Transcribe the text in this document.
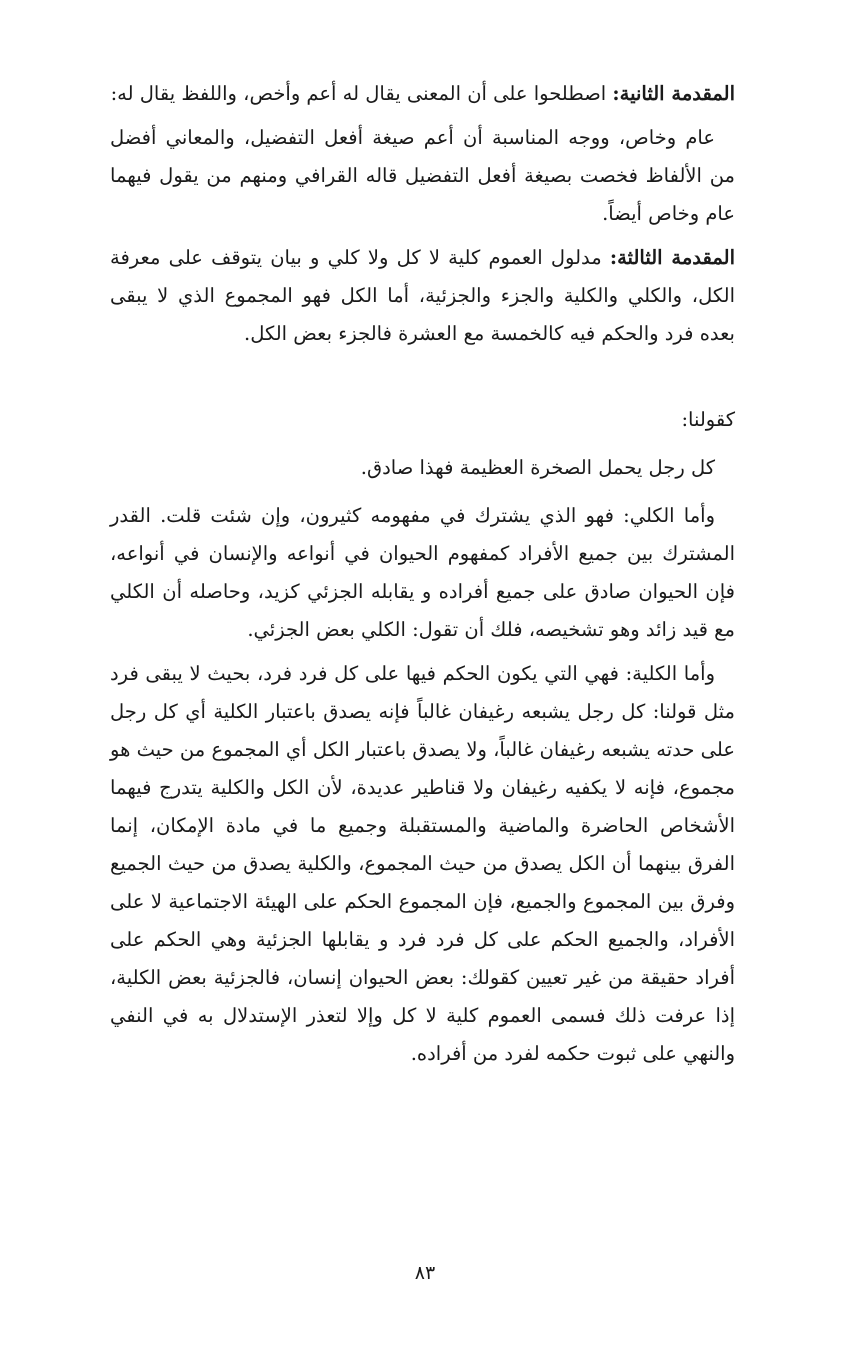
المقدمة الثانية: اصطلحوا على أن المعنى يقال له أعم وأخص، واللفظ يقال له:

عام وخاص، ووجه المناسبة أن أعم صيغة أفعل التفضيل، والمعاني أفضل من الألفاظ فخصت بصيغة أفعل التفضيل قاله القرافي ومنهم من يقول فيهما عام وخاص أيضاً.

المقدمة الثالثة: مدلول العموم كلية لا كل ولا كلي و بيان يتوقف على معرفة الكل، والكلي والكلية والجزء والجزئية، أما الكل فهو المجموع الذي لا يبقى بعده فرد والحكم فيه كالخمسة مع العشرة فالجزء بعض الكل.

كقولنا:

كل رجل يحمل الصخرة العظيمة فهذا صادق.

وأما الكلي: فهو الذي يشترك في مفهومه كثيرون، وإن شئت قلت. القدر المشترك بين جميع الأفراد كمفهوم الحيوان في أنواعه والإنسان في أنواعه، فإن الحيوان صادق على جميع أفراده و يقابله الجزئي كزيد، وحاصله أن الكلي مع قيد زائد وهو تشخيصه، فلك أن تقول: الكلي بعض الجزئي.

وأما الكلية: فهي التي يكون الحكم فيها على كل فرد فرد، بحيث لا يبقى فرد مثل قولنا: كل رجل يشبعه رغيفان غالباً فإنه يصدق باعتبار الكلية أي كل رجل على حدته يشبعه رغيفان غالباً، ولا يصدق باعتبار الكل أي المجموع من حيث هو مجموع، فإنه لا يكفيه رغيفان ولا قناطير عديدة، لأن الكل والكلية يتدرج فيهما الأشخاص الحاضرة والماضية والمستقبلة وجميع ما في مادة الإمكان، إنما الفرق بينهما أن الكل يصدق من حيث المجموع، والكلية يصدق من حيث الجميع وفرق بين المجموع والجميع، فإن المجموع الحكم على الهيئة الاجتماعية لا على الأفراد، والجميع الحكم على كل فرد فرد و يقابلها الجزئية وهي الحكم على أفراد حقيقة من غير تعيين كقولك: بعض الحيوان إنسان، فالجزئية بعض الكلية، إذا عرفت ذلك فسمى العموم كلية لا كل وإلا لتعذر الإستدلال به في النفي والنهي على ثبوت حكمه لفرد من أفراده.

٨٣
